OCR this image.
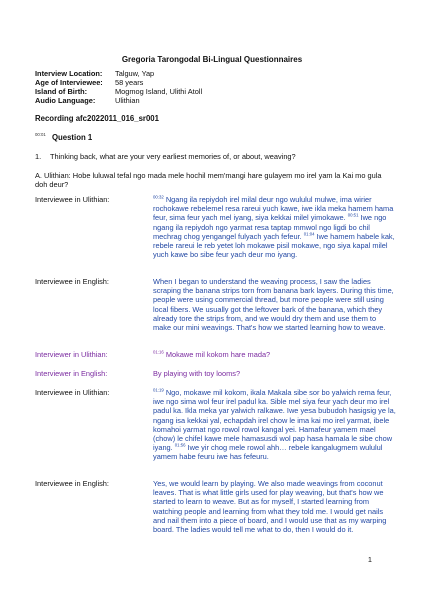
Gregoria Tarongodal Bi-Lingual Questionnaires
Interview Location:	Talguw, Yap
Age of Interviewee:	58 years
Island of Birth:	Mogmog Island, Ulithi Atoll
Audio Language:	Ulithian
Recording afc2022011_016_sr001
$^{00:01}$ Question 1
1.	Thinking back, what are your very earliest memories of, or about, weaving?
A. Ulithian: Hobe luluwal tefal ngo mada mele hochil mem'mangi hare gulayem mo irel yam la Kai mo gula doh deur?
Interviewee in Ulithian:	$^{00:32}$ Ngang ila repiydoh irel milal deur ngo wululul mulwe, ima wirier rochokawe rebelemel resa rareui yuch kawe, iwe ikla meka hamem hama feur, sima feur yach mel iyang, siya kekkai milel yimokawe. $^{00:51}$ Iwe ngo ngang ila repiydoh ngo yarmat resa taptap mmwol ngo ligdi bo chil mechrag chog yengangel fulyach yach fefeur. $^{01:04}$ Iwe hamem habele kak, rebele rareui le reb yetet loh mokawe pisil mokawe, ngo siya kapal milel yuch kawe bo sibe feur yach deur mo iyang.
Interviewee in English:	When I began to understand the weaving process, I saw the ladies scraping the banana strips torn from banana bark layers. During this time, people were using commercial thread, but more people were still using local fibers. We usually got the leftover bark of the banana, which they already tore the strips from, and we would dry them and use them to make our mini weavings. That's how we started learning how to weave.
Interviewer in Ulithian:	$^{01:16}$ Mokawe mil kokom hare mada?
Interviewer in English:	By playing with toy looms?
Interviewee in Ulithian:	$^{01:19}$ Ngo, mokawe mil kokom, ikala Makala sibe sor bo yalwich rema feur, iwe ngo sima wol feur irel padul ka. Sible mel siya feur yach deur mo irel padul ka. Ikla meka yar yalwich ralkawe. Iwe yesa bubudoh hasigsig ye la, ngang isa kekkai yal, echapdah irel chow le ima kai mo irel yarmat, ibele komahoi yarmat ngo rowol rowol kangal yei. Hamafeur yamem mael (chow) le chifel kawe mele hamasusdi wol pap hasa hamala le sibe chow iyang. $^{01:56}$ Iwe yir chog mele rowol ahh… rebele kangalugmem wululul yamem habe feuru iwe has fefeuru.
Interviewee in English:	Yes, we would learn by playing. We also made weavings from coconut leaves. That is what little girls used for play weaving, but that's how we started to learn to weave. But as for myself, I started learning from watching people and learning from what they told me. I would get nails and nail them into a piece of board, and I would use that as my warping board. The ladies would tell me what to do, then I would do it.
1
